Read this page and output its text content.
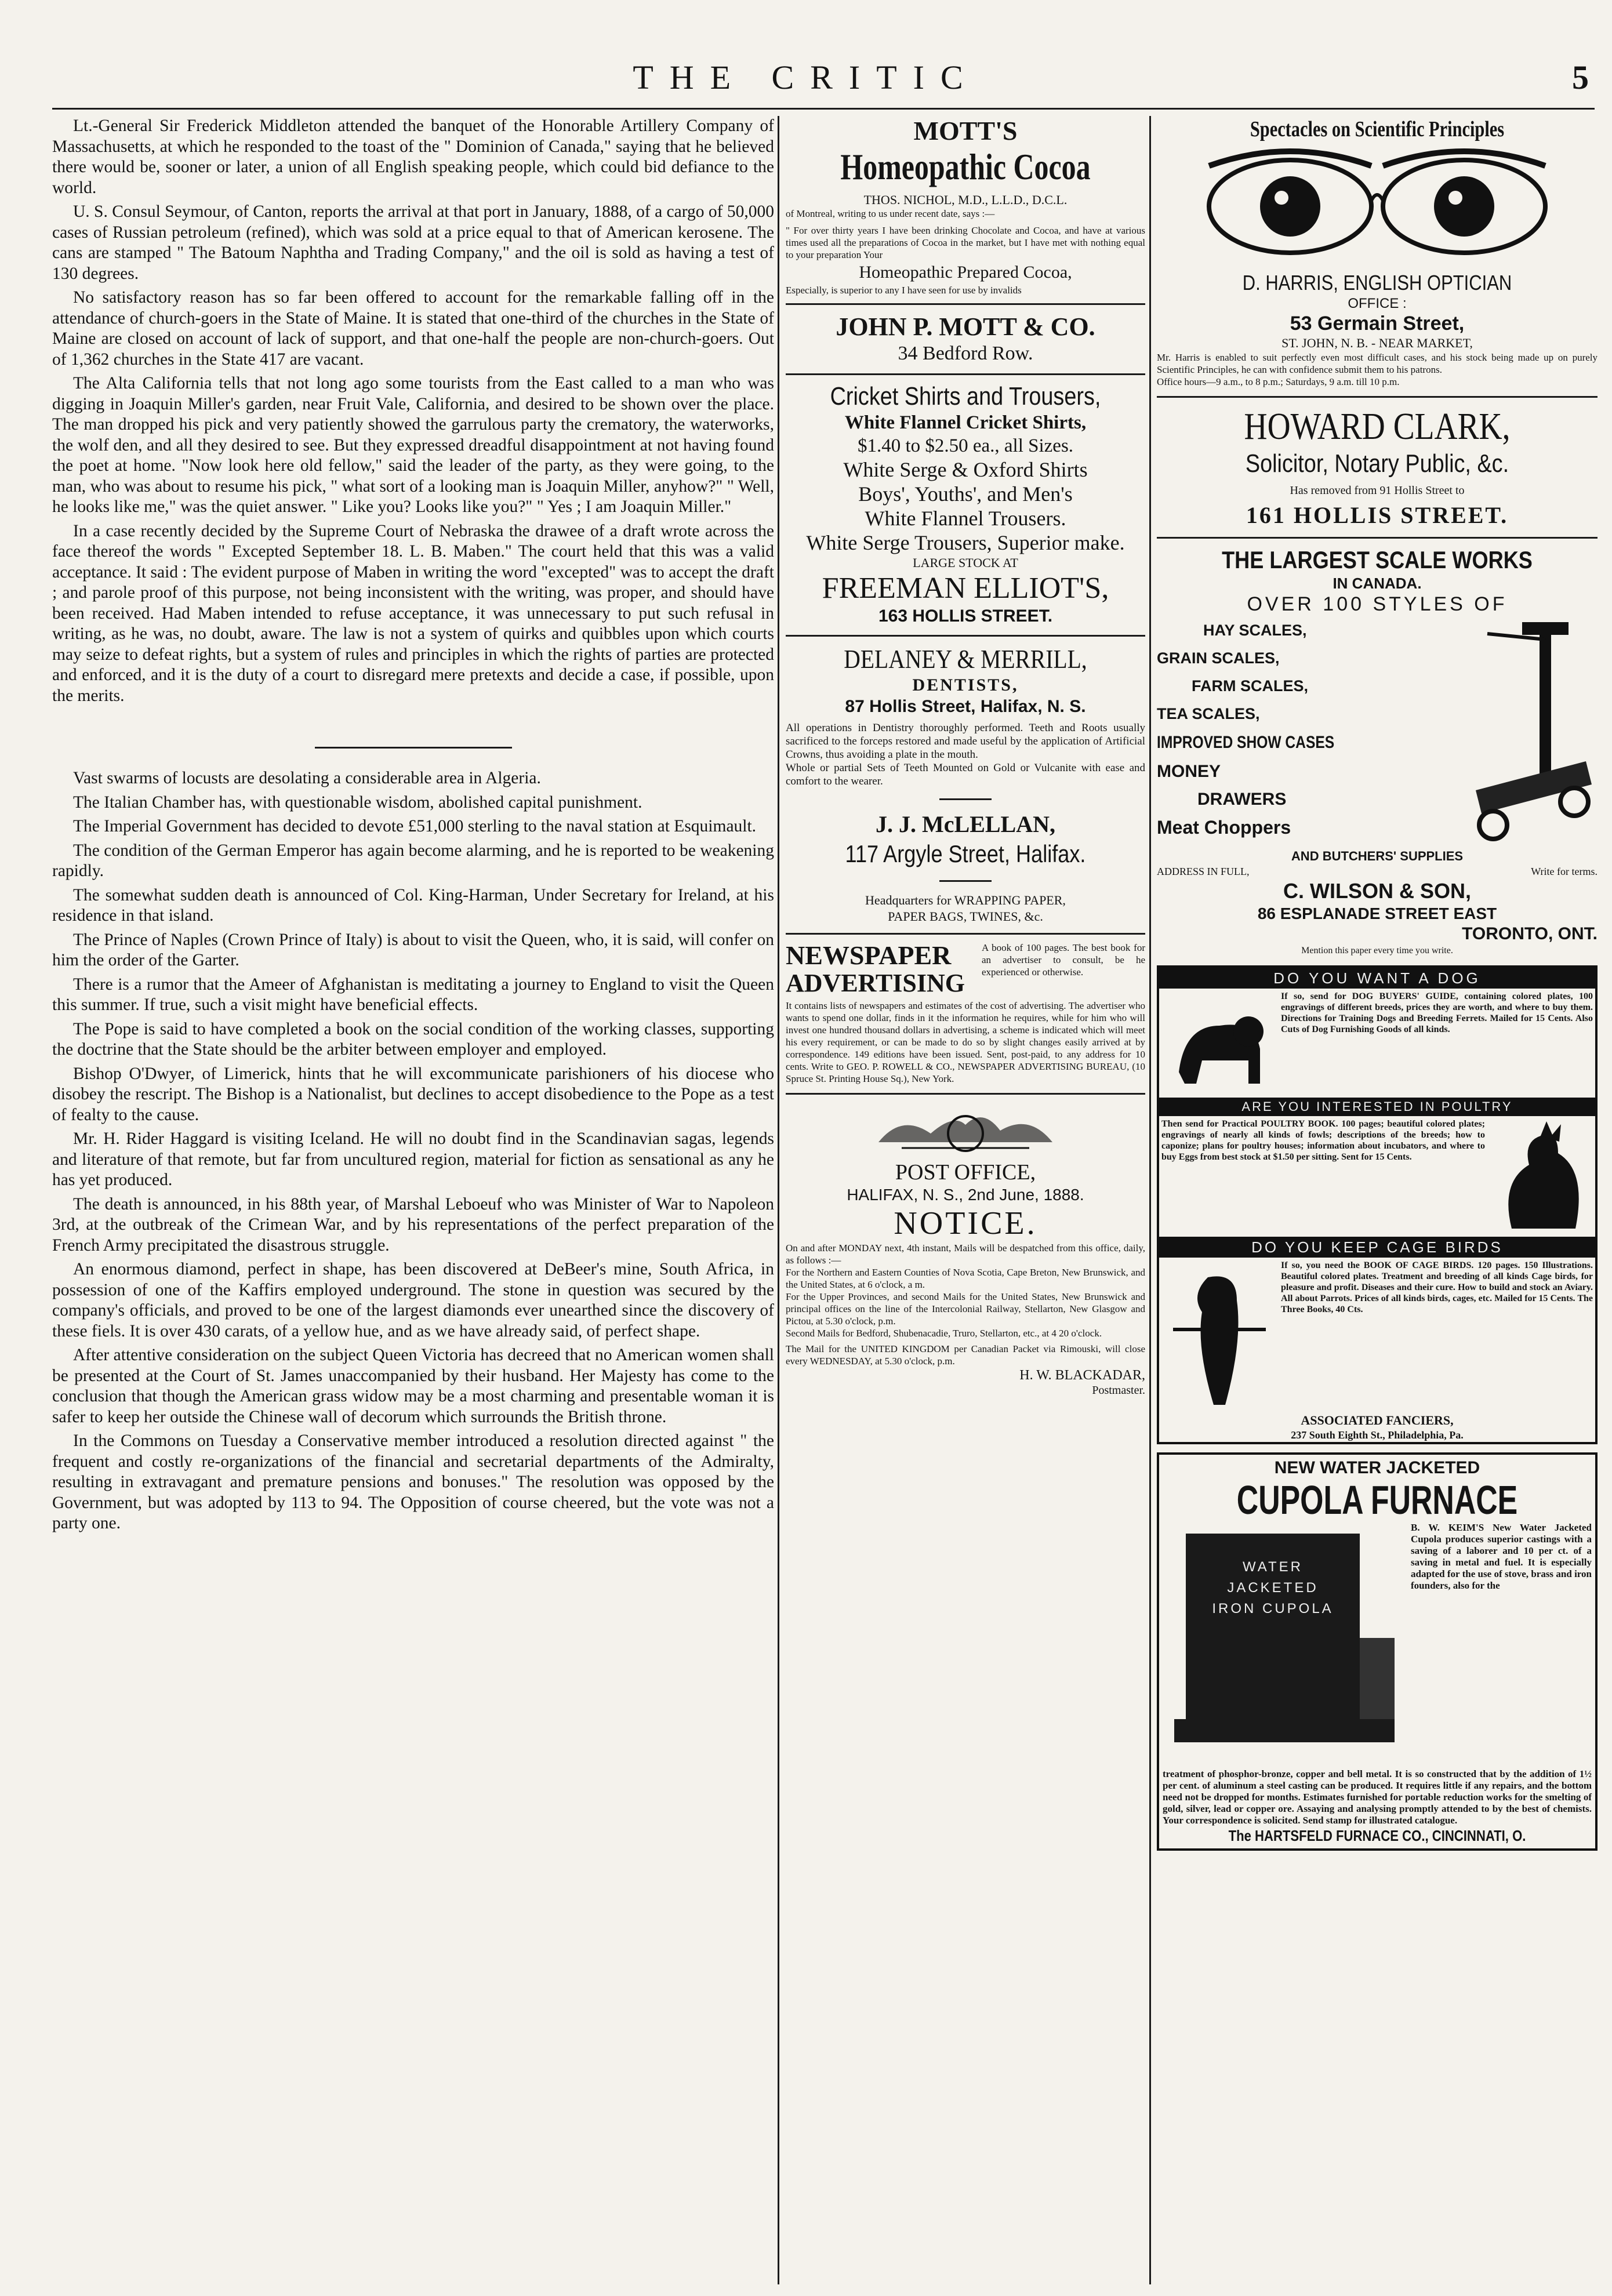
THE CRITIC	5

Lt.-General Sir Frederick Middleton attended the banquet of the Honorable Artillery Company of Massachusetts, at which he responded to the toast of the " Dominion of Canada," saying that he believed there would be, sooner or later, a union of all English speaking people, which could bid defiance to the world.

U. S. Consul Seymour, of Canton, reports the arrival at that port in January, 1888, of a cargo of 50,000 cases of Russian petroleum (refined), which was sold at a price equal to that of American kerosene. The cans are stamped " The Batoum Naphtha and Trading Company," and the oil is sold as having a test of 130 degrees.

No satisfactory reason has so far been offered to account for the remarkable falling off in the attendance of church-goers in the State of Maine. It is stated that one-third of the churches in the State of Maine are closed on account of lack of support, and that one-half the people are non-church-goers. Out of 1,362 churches in the State 417 are vacant.

The Alta California tells that not long ago some tourists from the East called to a man who was digging in Joaquin Miller's garden, near Fruit Vale, California, and desired to be shown over the place. The man dropped his pick and very patiently showed the garrulous party the crematory, the waterworks, the wolf den, and all they desired to see. But they expressed dreadful disappointment at not having found the poet at home. "Now look here old fellow," said the leader of the party, as they were going, to the man, who was about to resume his pick, " what sort of a looking man is Joaquin Miller, anyhow?" " Well, he looks like me," was the quiet answer. " Like you? Looks like you?" " Yes ; I am Joaquin Miller."

In a case recently decided by the Supreme Court of Nebraska the drawee of a draft wrote across the face thereof the words " Excepted September 18. L. B. Maben." The court held that this was a valid acceptance. It said : The evident purpose of Maben in writing the word "excepted" was to accept the draft ; and parole proof of this purpose, not being inconsistent with the writing, was proper, and should have been received. Had Maben intended to refuse acceptance, it was unnecessary to put such refusal in writing, as he was, no doubt, aware. The law is not a system of quirks and quibbles upon which courts may seize to defeat rights, but a system of rules and principles in which the rights of parties are protected and enforced, and it is the duty of a court to disregard mere pretexts and decide a case, if possible, upon the merits.

Vast swarms of locusts are desolating a considerable area in Algeria.

The Italian Chamber has, with questionable wisdom, abolished capital punishment.

The Imperial Government has decided to devote £51,000 sterling to the naval station at Esquimault.

The condition of the German Emperor has again become alarming, and he is reported to be weakening rapidly.

The somewhat sudden death is announced of Col. King-Harman, Under Secretary for Ireland, at his residence in that island.

The Prince of Naples (Crown Prince of Italy) is about to visit the Queen, who, it is said, will confer on him the order of the Garter.

There is a rumor that the Ameer of Afghanistan is meditating a journey to England to visit the Queen this summer. If true, such a visit might have beneficial effects.

The Pope is said to have completed a book on the social condition of the working classes, supporting the doctrine that the State should be the arbiter between employer and employed.

Bishop O'Dwyer, of Limerick, hints that he will excommunicate parishioners of his diocese who disobey the rescript. The Bishop is a Nationalist, but declines to accept disobedience to the Pope as a test of fealty to the cause.

Mr. H. Rider Haggard is visiting Iceland. He will no doubt find in the Scandinavian sagas, legends and literature of that remote, but far from uncultured region, material for fiction as sensational as any he has yet produced.

The death is announced, in his 88th year, of Marshal Leboeuf who was Minister of War to Napoleon 3rd, at the outbreak of the Crimean War, and by his representations of the perfect preparation of the French Army precipitated the disastrous struggle.

An enormous diamond, perfect in shape, has been discovered at DeBeer's mine, South Africa, in possession of one of the Kaffirs employed underground. The stone in question was secured by the company's officials, and proved to be one of the largest diamonds ever unearthed since the discovery of these fiels. It is over 430 carats, of a yellow hue, and as we have already said, of perfect shape.

After attentive consideration on the subject Queen Victoria has decreed that no American women shall be presented at the Court of St. James unaccompanied by their husband. Her Majesty has come to the conclusion that though the American grass widow may be a most charming and presentable woman it is safer to keep her outside the Chinese wall of decorum which surrounds the British throne.

In the Commons on Tuesday a Conservative member introduced a resolution directed against " the frequent and costly re-organizations of the financial and secretarial departments of the Admiralty, resulting in extravagant and premature pensions and bonuses." The resolution was opposed by the Government, but was adopted by 113 to 94. The Opposition of course cheered, but the vote was not a party one.

MOTT'S
Homeopathic Cocoa
THOS. NICHOL, M.D., L.L.D., D.C.L.
of Montreal, writing to us under recent date, says :—
" For over thirty years I have been drinking Chocolate and Cocoa, and have at various times used all the preparations of Cocoa in the market, but I have met with nothing equal to your preparation Your
Homeopathic Prepared Cocoa,
Especially, is superior to any I have seen for use by invalids
JOHN P. MOTT & CO.
34 Bedford Row.
Cricket Shirts and Trousers,
White Flannel Cricket Shirts,
$1.40 to $2.50 ea., all Sizes.
White Serge & Oxford Shirts
Boys', Youths', and Men's
White Flannel Trousers.
White Serge Trousers, Superior make.
LARGE STOCK AT
FREEMAN ELLIOT'S,
163 HOLLIS STREET.
DELANEY & MERRILL,
DENTISTS,
87 Hollis Street, Halifax, N. S.
All operations in Dentistry thoroughly performed. Teeth and Roots usually sacrificed to the forceps restored and made useful by the application of Artificial Crowns, thus avoiding a plate in the mouth.
Whole or partial Sets of Teeth Mounted on Gold or Vulcanite with ease and comfort to the wearer.
J. J. McLELLAN,
117 Argyle Street, Halifax.
Headquarters for WRAPPING PAPER,
PAPER BAGS, TWINES, &c.
NEWSPAPER
ADVERTISING
A book of 100 pages. The best book for an advertiser to consult, be he experienced or otherwise.
It contains lists of newspapers and estimates of the cost of advertising. The advertiser who wants to spend one dollar, finds in it the information he requires, while for him who will invest one hundred thousand dollars in advertising, a scheme is indicated which will meet his every requirement, or can be made to do so by slight changes easily arrived at by correspondence. 149 editions have been issued. Sent, post-paid, to any address for 10 cents. Write to GEO. P. ROWELL & CO., NEWSPAPER ADVERTISING BUREAU, (10 Spruce St. Printing House Sq.), New York.
POST OFFICE,
HALIFAX, N. S., 2nd June, 1888.
NOTICE.
On and after MONDAY next, 4th instant, Mails will be despatched from this office, daily, as follows :—
For the Northern and Eastern Counties of Nova Scotia, Cape Breton, New Brunswick, and the United States, at 6 o'clock, a m.
For the Upper Provinces, and second Mails for the United States, New Brunswick and principal offices on the line of the Intercolonial Railway, Stellarton, New Glasgow and Pictou, at 5.30 o'clock, p.m.
Second Mails for Bedford, Shubenacadie, Truro, Stellarton, etc., at 4 20 o'clock.
The Mail for the UNITED KINGDOM per Canadian Packet via Rimouski, will close every WEDNESDAY, at 5.30 o'clock, p.m.
H. W. BLACKADAR,
Postmaster.
Spectacles on Scientific Principles
D. HARRIS, ENGLISH OPTICIAN
OFFICE :
53 Germain Street,
ST. JOHN, N. B. - NEAR MARKET,
Mr. Harris is enabled to suit perfectly even most difficult cases, and his stock being made up on purely Scientific Principles, he can with confidence submit them to his patrons.
Office hours—9 a.m., to 8 p.m.; Saturdays, 9 a.m. till 10 p.m.
HOWARD CLARK,
Solicitor, Notary Public, &c.
Has removed from 91 Hollis Street to
161 HOLLIS STREET.
THE LARGEST SCALE WORKS
IN CANADA.
OVER 100 STYLES OF
HAY SCALES,
GRAIN SCALES,
FARM SCALES,
TEA SCALES,
IMPROVED SHOW CASES
MONEY
DRAWERS
Meat Choppers
AND BUTCHERS' SUPPLIES
ADDRESS IN FULL,	Write for terms.
C. WILSON & SON,
86 ESPLANADE STREET EAST
TORONTO, ONT.
Mention this paper every time you write.
DO YOU WANT A DOG
If so, send for DOG BUYERS' GUIDE, containing colored plates, 100 engravings of different breeds, prices they are worth, and where to buy them. Directions for Training Dogs and Breeding Ferrets. Mailed for 15 Cents. Also Cuts of Dog Furnishing Goods of all kinds.
ARE YOU INTERESTED IN POULTRY
Then send for Practical POULTRY BOOK. 100 pages; beautiful colored plates; engravings of nearly all kinds of fowls; descriptions of the breeds; how to caponize; plans for poultry houses; information about incubators, and where to buy Eggs from best stock at $1.50 per sitting. Sent for 15 Cents.
DO YOU KEEP CAGE BIRDS
If so, you need the BOOK OF CAGE BIRDS. 120 pages. 150 Illustrations. Beautiful colored plates. Treatment and breeding of all kinds Cage birds, for pleasure and profit. Diseases and their cure. How to build and stock an Aviary. All about Parrots. Prices of all kinds birds, cages, etc. Mailed for 15 Cents. The Three Books, 40 Cts.
ASSOCIATED FANCIERS,
237 South Eighth St., Philadelphia, Pa.
NEW WATER JACKETED
CUPOLA FURNACE
WATER JACKETED IRON CUPOLA
B. W. KEIM'S New Water Jacketed Cupola produces superior castings with a saving of a laborer and 10 per ct. of a saving in metal and fuel. It is especially adapted for the use of stove, brass and iron founders, also for the
treatment of phosphor-bronze, copper and bell metal. It is so constructed that by the addition of 1½ per cent. of aluminum a steel casting can be produced. It requires little if any repairs, and the bottom need not be dropped for months. Estimates furnished for portable reduction works for the smelting of gold, silver, lead or copper ore. Assaying and analysing promptly attended to by the best of chemists. Your correspondence is solicited. Send stamp for illustrated catalogue.
The HARTSFELD FURNACE CO., CINCINNATI, O.
